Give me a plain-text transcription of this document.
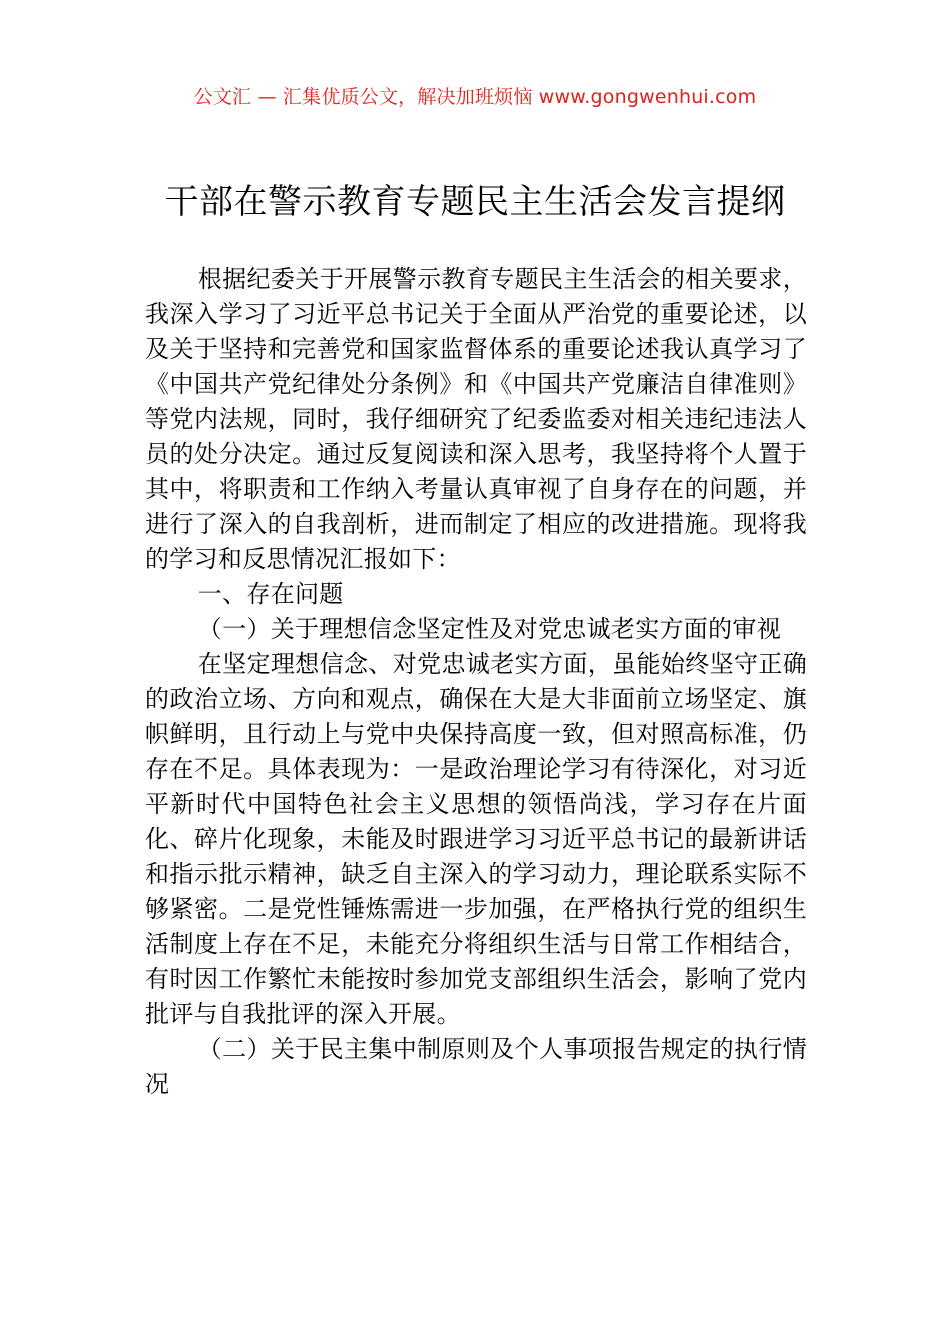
公文汇 — 汇集优质公文，解决加班烦恼 www.gongwenhui.com
干部在警示教育专题民主生活会发言提纲

根据纪委关于开展警示教育专题民主生活会的相关要求，我深入学习了习近平总书记关于全面从严治党的重要论述，以及关于坚持和完善党和国家监督体系的重要论述我认真学习了《中国共产党纪律处分条例》和《中国共产党廉洁自律准则》等党内法规，同时，我仔细研究了纪委监委对相关违纪违法人员的处分决定。通过反复阅读和深入思考，我坚持将个人置于其中，将职责和工作纳入考量认真审视了自身存在的问题，并进行了深入的自我剖析，进而制定了相应的改进措施。现将我的学习和反思情况汇报如下：

一、存在问题

（一）关于理想信念坚定性及对党忠诚老实方面的审视

在坚定理想信念、对党忠诚老实方面，虽能始终坚守正确的政治立场、方向和观点，确保在大是大非面前立场坚定、旗帜鲜明，且行动上与党中央保持高度一致，但对照高标准，仍存在不足。具体表现为：一是政治理论学习有待深化，对习近平新时代中国特色社会主义思想的领悟尚浅，学习存在片面化、碎片化现象，未能及时跟进学习习近平总书记的最新讲话和指示批示精神，缺乏自主深入的学习动力，理论联系实际不够紧密。二是党性锤炼需进一步加强，在严格执行党的组织生活制度上存在不足，未能充分将组织生活与日常工作相结合，有时因工作繁忙未能按时参加党支部组织生活会，影响了党内批评与自我批评的深入开展。

（二）关于民主集中制原则及个人事项报告规定的执行情况
